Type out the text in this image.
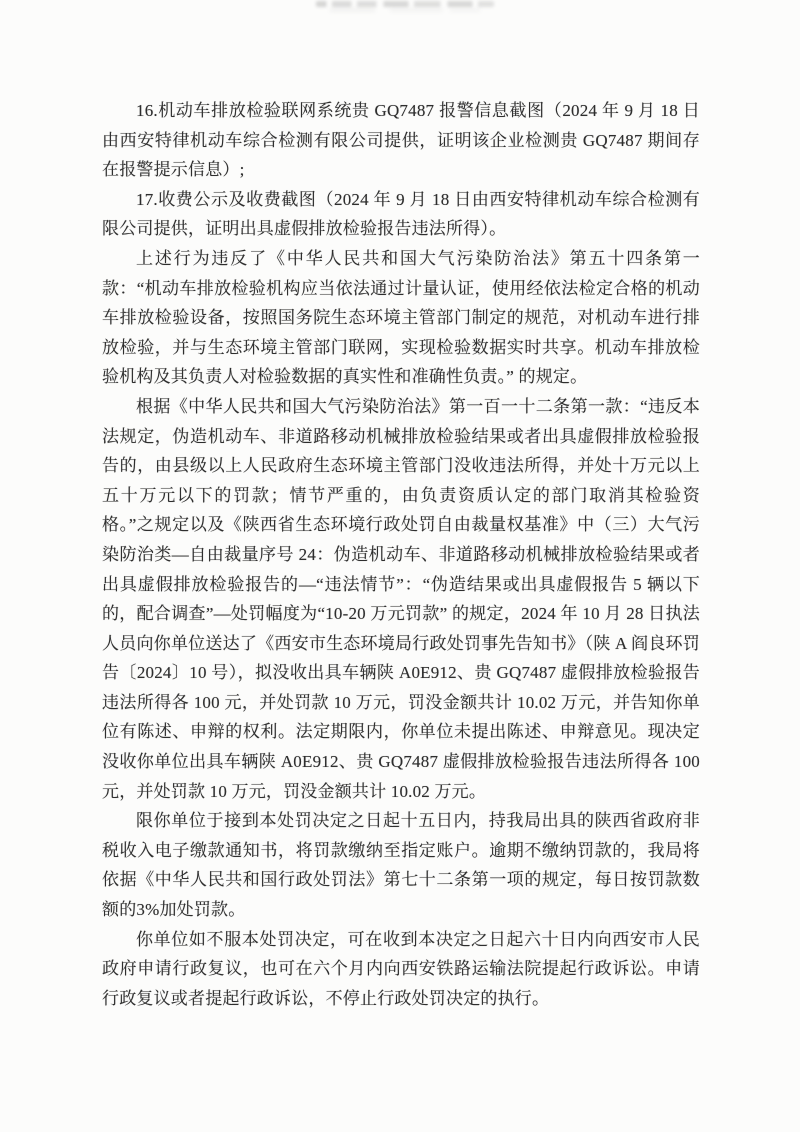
16.机动车排放检验联网系统贵 GQ7487 报警信息截图（2024 年 9 月 18 日由西安特律机动车综合检测有限公司提供，证明该企业检测贵 GQ7487 期间存在报警提示信息）;

17.收费公示及收费截图（2024 年 9 月 18 日由西安特律机动车综合检测有限公司提供，证明出具虚假排放检验报告违法所得）。

上述行为违反了《中华人民共和国大气污染防治法》第五十四条第一款：“机动车排放检验机构应当依法通过计量认证，使用经依法检定合格的机动车排放检验设备，按照国务院生态环境主管部门制定的规范，对机动车进行排放检验，并与生态环境主管部门联网，实现检验数据实时共享。机动车排放检验机构及其负责人对检验数据的真实性和准确性负责。” 的规定。

根据《中华人民共和国大气污染防治法》第一百一十二条第一款：“违反本法规定，伪造机动车、非道路移动机械排放检验结果或者出具虚假排放检验报告的，由县级以上人民政府生态环境主管部门没收违法所得，并处十万元以上五十万元以下的罚款；情节严重的，由负责资质认定的部门取消其检验资格。”之规定以及《陕西省生态环境行政处罚自由裁量权基准》中（三）大气污染防治类—自由裁量序号 24：伪造机动车、非道路移动机械排放检验结果或者出具虚假排放检验报告的—“违法情节”：“伪造结果或出具虚假报告 5 辆以下的，配合调查”—处罚幅度为“10-20 万元罚款” 的规定，2024 年 10 月 28 日执法人员向你单位送达了《西安市生态环境局行政处罚事先告知书》（陕 A 阎良环罚告〔2024〕10 号），拟没收出具车辆陕 A0E912、贵 GQ7487 虚假排放检验报告违法所得各 100 元，并处罚款 10 万元，罚没金额共计 10.02 万元，并告知你单位有陈述、申辩的权利。法定期限内，你单位未提出陈述、申辩意见。现决定没收你单位出具车辆陕 A0E912、贵 GQ7487 虚假排放检验报告违法所得各 100 元，并处罚款 10 万元，罚没金额共计 10.02 万元。

限你单位于接到本处罚决定之日起十五日内，持我局出具的陕西省政府非税收入电子缴款通知书，将罚款缴纳至指定账户。逾期不缴纳罚款的，我局将依据《中华人民共和国行政处罚法》第七十二条第一项的规定，每日按罚款数额的3%加处罚款。

你单位如不服本处罚决定，可在收到本决定之日起六十日内向西安市人民政府申请行政复议，也可在六个月内向西安铁路运输法院提起行政诉讼。申请行政复议或者提起行政诉讼，不停止行政处罚决定的执行。
